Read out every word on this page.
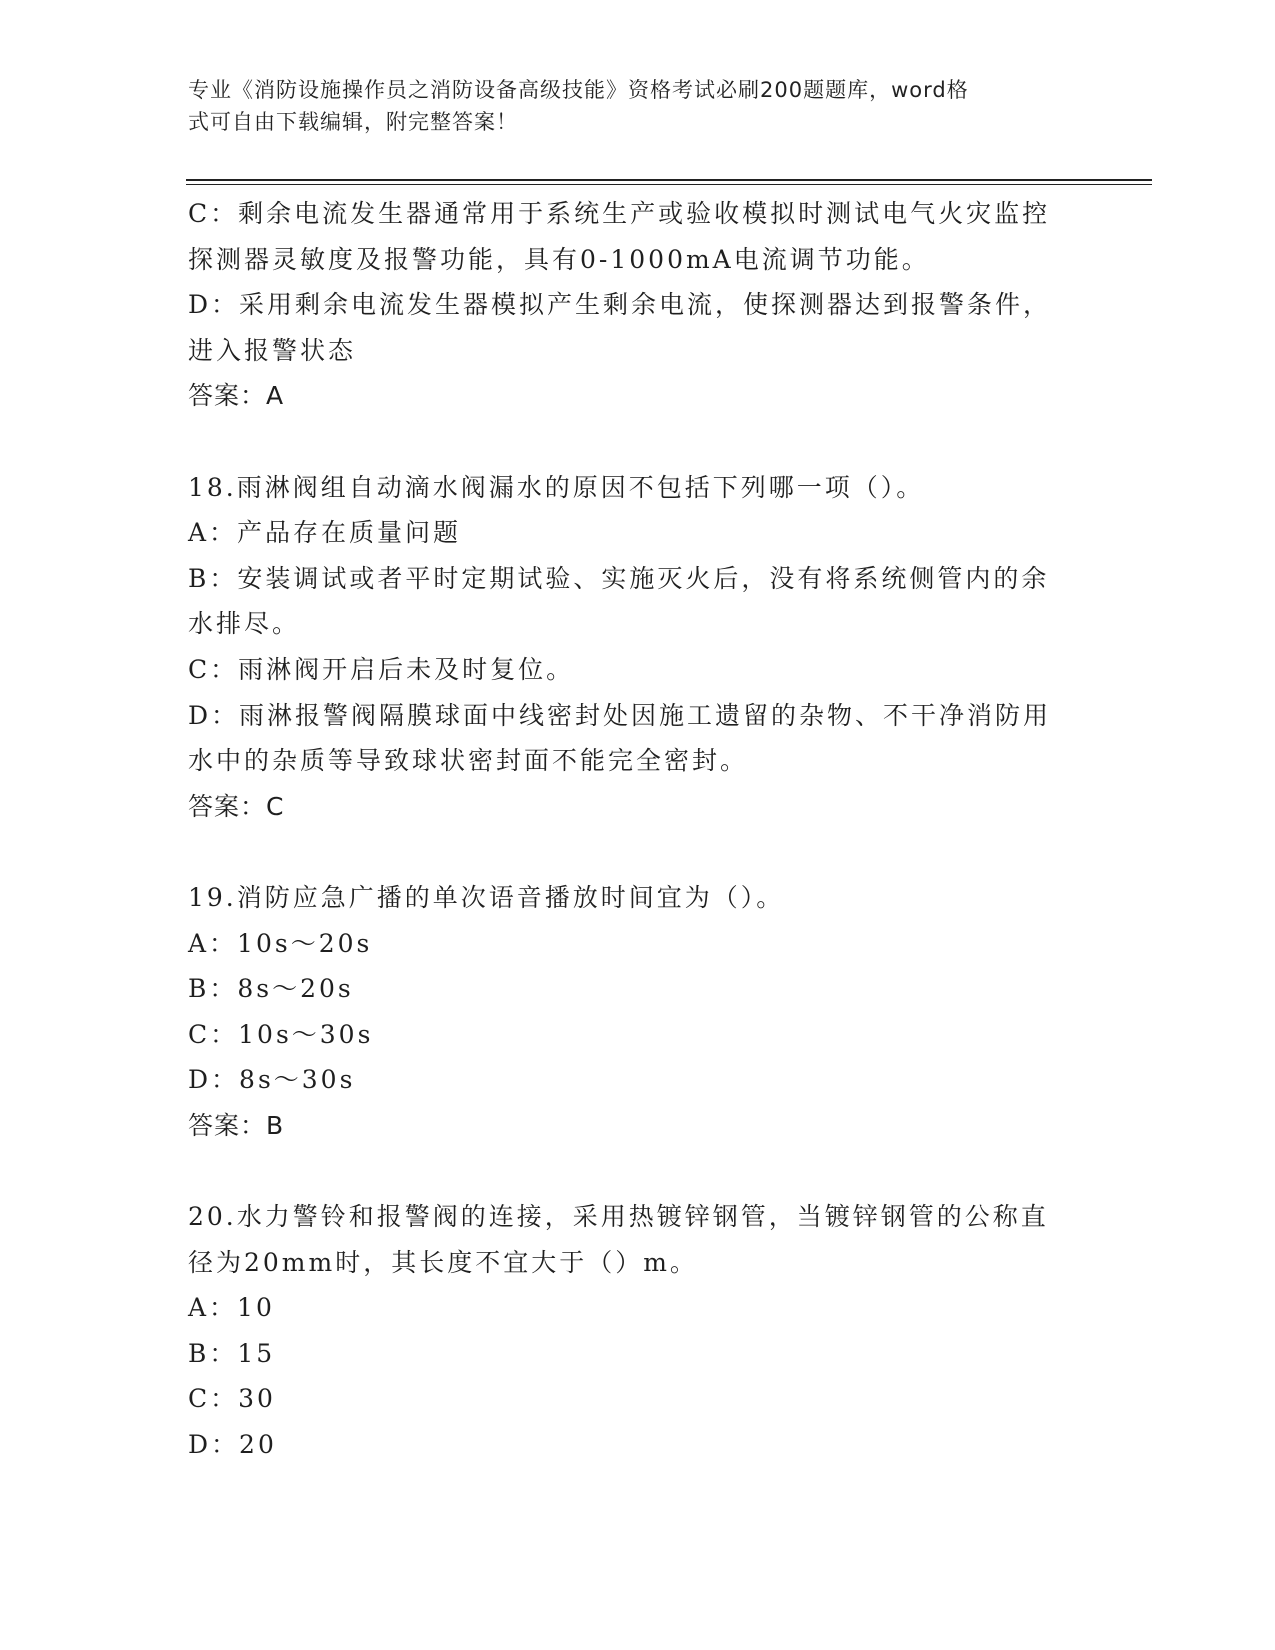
专业《消防设施操作员之消防设备高级技能》资格考试必刷200题题库，word格
式可自由下载编辑，附完整答案！
C：剩余电流发生器通常用于系统生产或验收模拟时测试电气火灾监控
探测器灵敏度及报警功能，具有0-1000mA电流调节功能。
D：采用剩余电流发生器模拟产生剩余电流，使探测器达到报警条件，
进入报警状态
答案：A
18.雨淋阀组自动滴水阀漏水的原因不包括下列哪一项（）。
A：产品存在质量问题
B：安装调试或者平时定期试验、实施灭火后，没有将系统侧管内的余
水排尽。
C：雨淋阀开启后未及时复位。
D：雨淋报警阀隔膜球面中线密封处因施工遗留的杂物、不干净消防用
水中的杂质等导致球状密封面不能完全密封。
答案：C
19.消防应急广播的单次语音播放时间宜为（）。
A：10s～20s
B：8s～20s
C：10s～30s
D：8s～30s
答案：B
20.水力警铃和报警阀的连接，采用热镀锌钢管，当镀锌钢管的公称直
径为20mm时，其长度不宜大于（）m。
A：10
B：15
C：30
D：20
